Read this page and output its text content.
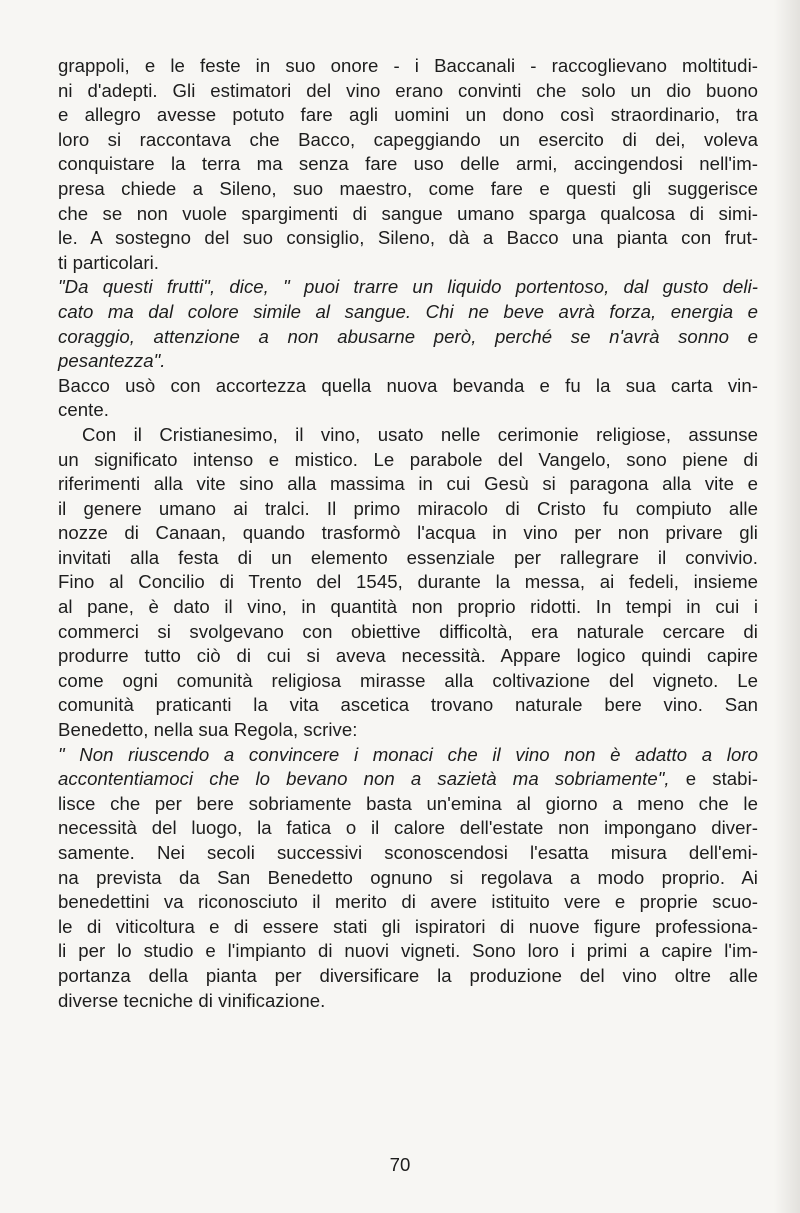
grappoli, e le feste in suo onore - i Baccanali - raccoglievano moltitudi-
ni d'adepti. Gli estimatori del vino erano convinti che solo un dio buono
e allegro avesse potuto fare agli uomini un dono così straordinario, tra
loro si raccontava che Bacco, capeggiando un esercito di dei, voleva
conquistare la terra ma senza fare uso delle armi, accingendosi nell'im-
presa chiede a Sileno, suo maestro, come fare e questi gli suggerisce
che se non vuole spargimenti di sangue umano sparga qualcosa di simi-
le. A sostegno del suo consiglio, Sileno, dà a Bacco una pianta con frut-
ti particolari.
"Da questi frutti", dice, " puoi trarre un liquido portentoso, dal gusto deli-
cato ma dal colore simile al sangue. Chi ne beve avrà forza, energia e
coraggio, attenzione a non abusarne però, perché se n'avrà sonno e
pesantezza".
Bacco usò con accortezza quella nuova bevanda e fu la sua carta vin-
cente.
Con il Cristianesimo, il vino, usato nelle cerimonie religiose, assunse
un significato intenso e mistico. Le parabole del Vangelo, sono piene di
riferimenti alla vite sino alla massima in cui Gesù si paragona alla vite e
il genere umano ai tralci. Il primo miracolo di Cristo fu compiuto alle
nozze di Canaan, quando trasformò l'acqua in vino per non privare gli
invitati alla festa di un elemento essenziale per rallegrare il convivio.
Fino al Concilio di Trento del 1545, durante la messa, ai fedeli, insieme
al pane, è dato il vino, in quantità non proprio ridotti. In tempi in cui i
commerci si svolgevano con obiettive difficoltà, era naturale cercare di
produrre tutto ciò di cui si aveva necessità. Appare logico quindi capire
come ogni comunità religiosa mirasse alla coltivazione del vigneto. Le
comunità praticanti la vita ascetica trovano naturale bere vino. San
Benedetto, nella sua Regola, scrive:
" Non riuscendo a convincere i monaci che il vino non è adatto a loro
accontentiamoci che lo bevano non a sazietà ma sobriamente", e stabi-
lisce che per bere sobriamente basta un'emina al giorno a meno che le
necessità del luogo, la fatica o il calore dell'estate non impongano diver-
samente. Nei secoli successivi sconoscendosi l'esatta misura dell'emi-
na prevista da San Benedetto ognuno si regolava a modo proprio. Ai
benedettini va riconosciuto il merito di avere istituito vere e proprie scuo-
le di viticoltura e di essere stati gli ispiratori di nuove figure professiona-
li per lo studio e l'impianto di nuovi vigneti. Sono loro i primi a capire l'im-
portanza della pianta per diversificare la produzione del vino oltre alle
diverse tecniche di vinificazione.
70
